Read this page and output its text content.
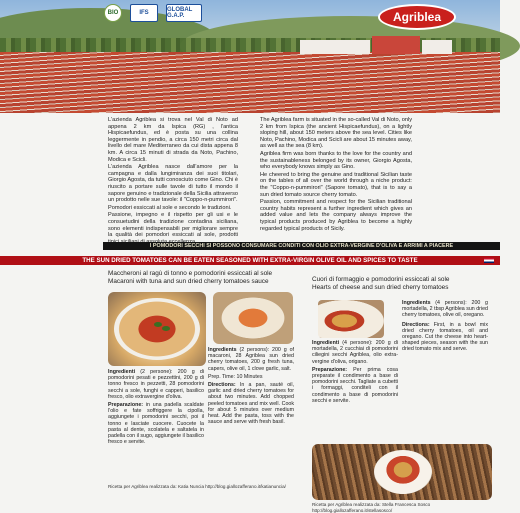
BIO	IFS	GLOBAL G.A.P.	Agriblea

L'azienda Agriblea si trova nel Val di Noto ad appena 2 km da Ispica (RG) , l'antica Hispicaefundus, ed è posta su una collina leggermente in pendio, a circa 150 metri circa dal livello del mare Mediterraneo da cui dista appena 8 km. A circa 15 minuti di strada da Noto, Pachino, Modica e Scicli.

L'azienda Agriblea nasce dall'amore per la campagna e dalla lungimiranza dei suoi titolari, Giorgio Agosta, da tutti conosciuto come Gino. Chi è riuscito a portare sulle tavole di tutto il mondo il sapore genuino e tradizionale della Sicilia attraverso un prodotto nelle sue tavole: il "Coppo-n-pummirori".

Pomodori essiccati al sole e secondo le tradizioni.

Passione, impegno e il rispetto per gli usi e le consuetudini della tradizione contadina siciliana, sono elementi indispensabili per migliorare sempre la qualità dei pomodori essiccati al sole, prodotti

The Agriblea farm is situated in the so-called Val di Noto, only 2 km from Ispica (the ancient Hispicaefundus), on a lightly sloping hill, about 150 meters above the sea level. Cities like Noto, Pachino, Modica and Scicli are about 15 minutes away, as well as the sea (8 km).

Agriblea firm was born thanks to the love for the country and the sustainableness belonged by its owner, Giorgio Agosta, who everybody knows simply as Gino.

He cheered to bring the genuine and traditional Sicilian taste on the tables of all over the world through a niche product: the "Coppo-n-pummirori" (Sapore tomato), that is to say a sun dried tomato source cherry tomato.

Passion, commitment and respect for the Sicilian traditional country habits represent a further ingredient which gives an added value and lets the company always improve the typical products produced by Agriblea to become a highly regarded typical products of Sicily.

I POMODORI SECCHI SI POSSONO CONSUMARE CONDITI CON OLIO EXTRA-VERGINE D'OLIVA E ARRIMI A PIACERE
THE SUN DRIED TOMATOES CAN BE EATEN SEASONED WITH EXTRA-VIRGIN OLIVE OIL AND SPICES TO TASTE
Maccheroni al ragù di tonno e pomodorini essiccati al sole
Macaroni with tuna and sun dried cherry tomatoes sauce

Ingredienti (2 persone): 200 g di pomodorini pesati e pezzettini, 200 g di tonno fresco in pezzetti, 28 pomodorini secchi a sole, funghi e capperi, basilico fresco, olio extravergine d'oliva.

Preparazione: in una padella scaldate l'olio e fate soffriggere la cipolla, aggiungete i pomodorini secchi, poi il tonno e lasciate cuocere. Cuocete la pasta al dente, scolatela e saltatela in padella con il sugo, aggiungete il basilico fresco e servite.

Ingredients (2 persons): 200 g of macaroni, 28 Agriblea sun dried cherry tomatoes, 200 g fresh tuna, capers, olive oil, 1 clove garlic, salt.

Prep. Time: 10 Minutes

Directions: In a pan, sauté oil, garlic and dried cherry tomatoes for about two minutes. Add chopped peeled tomatoes and mix well. Cook for about 5 minutes over medium heat. Add the pasta, toss with the sauce and serve with fresh basil.

Ricetta per Agriblea realizzata da: Katia Nuncia http://blog.giallozafferano.it/katianuncia/
Cuori di formaggio e pomodorini essiccati al sole
Hearts of cheese and sun dried cherry tomatoes

Ingredienti (4 persone): 200 g di mortadella, 2 cucchiai di pomodorini ciliegini secchi Agriblea, olio extra-vergine d'oliva, origano.

Preparazione: Per prima cosa preparate il condimento a base di pomodorini secchi. Tagliate a cubetti i formaggi, conditeli con il condimento a base di pomodorini secchi e servite.

Ingredients (4 persons): 200 g mortadella, 2 tbsp Agriblea sun dried cherry tomatoes, olive oil, oregano.

Directions: First, in a bowl mix dried cherry tomatoes, oil and oregano. Cut the cheese into heart-shaped pieces, season with the sun dried tomato mix and serve.

Ricetta per Agriblea realizzata da: Stella Francesca Sosco http://blog.giallozafferano.it/stellasosco/
